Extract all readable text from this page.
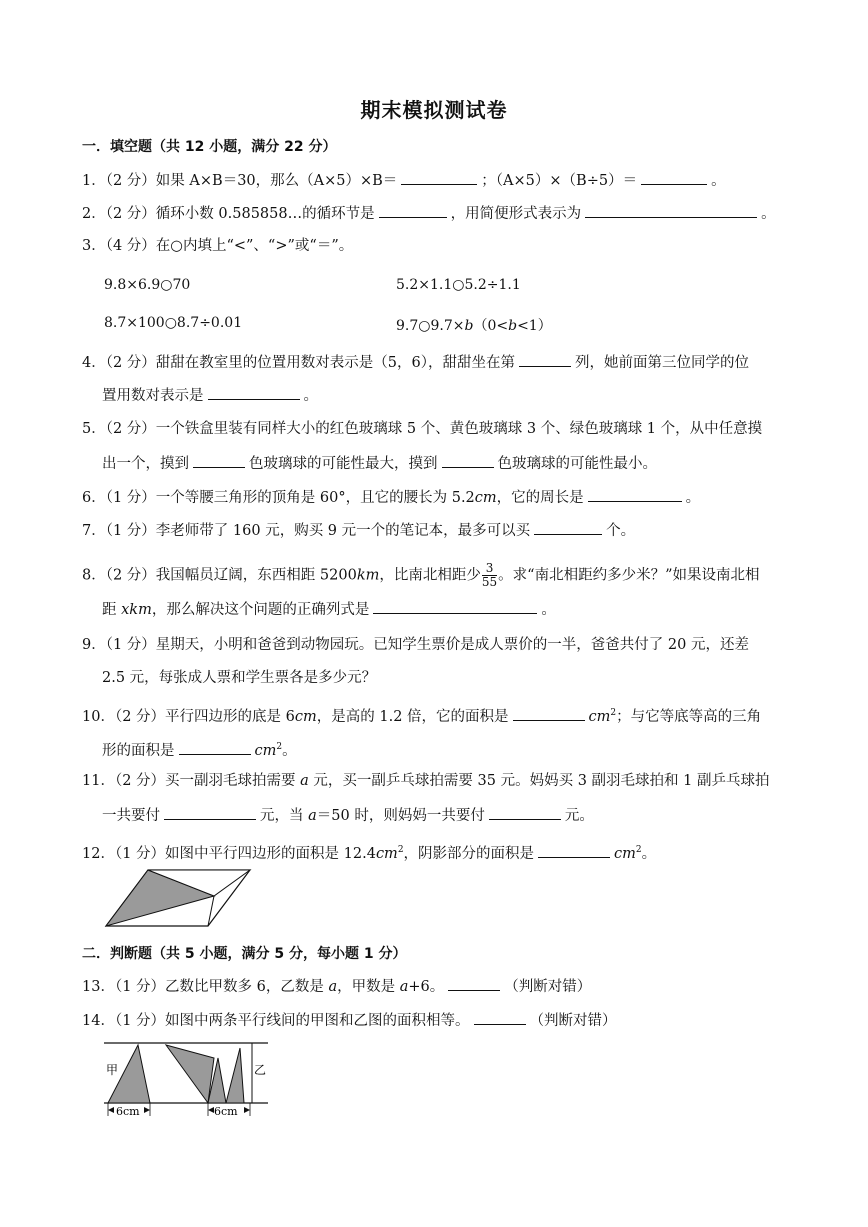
期末模拟测试卷
一．填空题（共 12 小题，满分 22 分）
1．（2 分）如果 A×B＝30，那么（A×5）×B＝	；（A×5）×（B÷5）＝	。
2．（2 分）循环小数 0.585858…的循环节是	，用简便形式表示为	。
3．（4 分）在○内填上“<”、“>”或“＝”。
9.8×6.9○70	5.2×1.1○5.2÷1.1
8.7×100○8.7÷0.01	9.7○9.7×b（0<b<1）
4．（2 分）甜甜在教室里的位置用数对表示是（5，6），甜甜坐在第	列，她前面第三位同学的位
置用数对表示是	。
5．（2 分）一个铁盒里装有同样大小的红色玻璃球 5 个、黄色玻璃球 3 个、绿色玻璃球 1 个，从中任意摸
出一个，摸到	色玻璃球的可能性最大，摸到	色玻璃球的可能性最小。
6．（1 分）一个等腰三角形的顶角是 60°，且它的腰长为 5.2cm，它的周长是	。
7．（1 分）李老师带了 160 元，购买 9 元一个的笔记本，最多可以买	个。
8．（2 分）我国幅员辽阔，东西相距 5200km，比南北相距少 $\frac{3}{55}$ 。求“南北相距约多少米？”如果设南北相
距 xkm，那么解决这个问题的正确列式是	。
9．（1 分）星期天，小明和爸爸到动物园玩。已知学生票价是成人票价的一半，爸爸共付了 20 元，还差
2.5 元，每张成人票和学生票各是多少元？
10．（2 分）平行四边形的底是 6cm，是高的 1.2 倍，它的面积是	$cm^2$；与它等底等高的三角
形的面积是	$cm^2$。
11．（2 分）买一副羽毛球拍需要 a 元，买一副乒乓球拍需要 35 元。妈妈买 3 副羽毛球拍和 1 副乒乓球拍
一共要付	元，当 a＝50 时，则妈妈一共要付	元。
12．（1 分）如图中平行四边形的面积是 $12.4cm^2$，阴影部分的面积是	$cm^2$。
二．判断题（共 5 小题，满分 5 分，每小题 1 分）
13．（1 分）乙数比甲数多 6，乙数是 a，甲数是 a+6。	（判断对错）
14．（1 分）如图中两条平行线间的甲图和乙图的面积相等。	（判断对错）
甲	乙
6cm	6cm
